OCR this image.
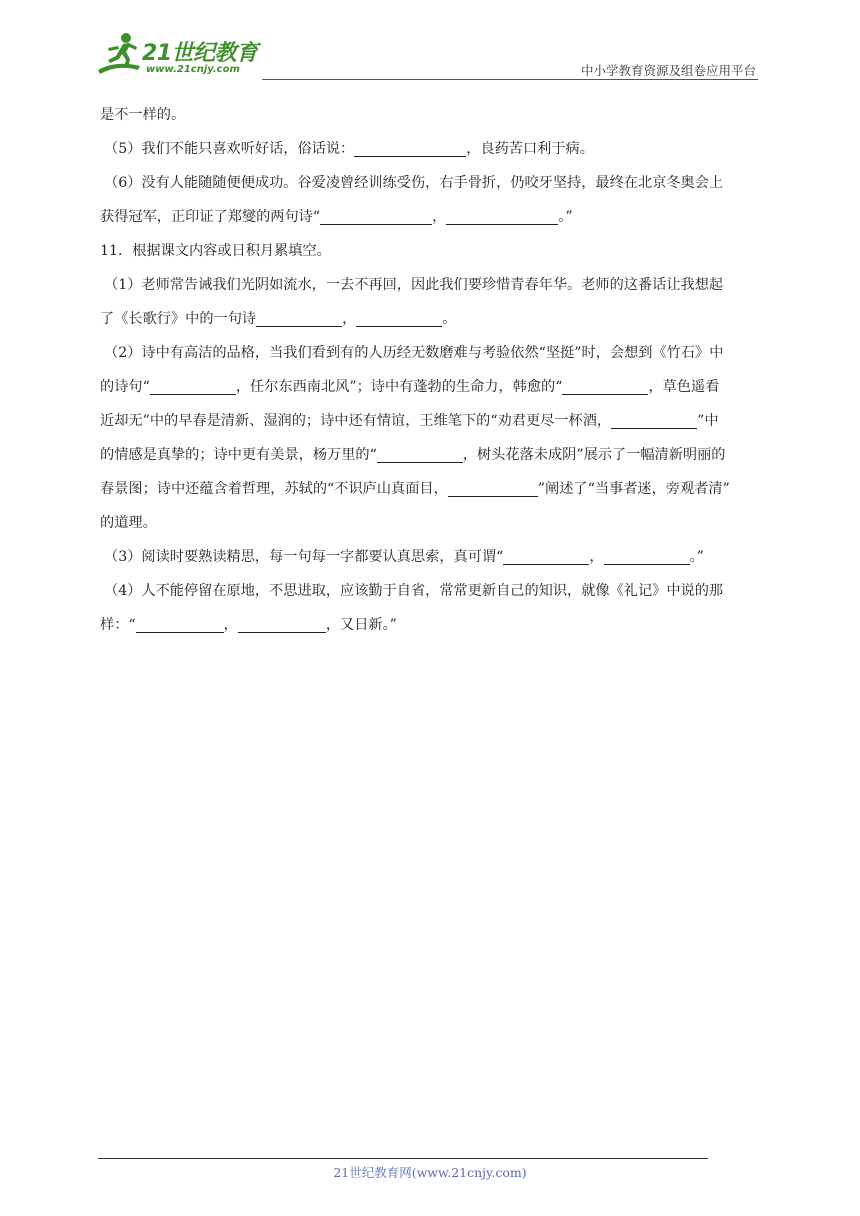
21世纪教育
www.21cnjy.com	中小学教育资源及组卷应用平台
是不一样的。
（5）我们不能只喜欢听好话，俗话说：	，良药苦口利于病。
（6）没有人能随随便便成功。谷爱凌曾经训练受伤，右手骨折，仍咬牙坚持，最终在北京冬奥会上
获得冠军，正印证了郑燮的两句诗“	，	。”
11．根据课文内容或日积月累填空。
（1）老师常告诫我们光阴如流水，一去不再回，因此我们要珍惜青春年华。老师的这番话让我想起
了《长歌行》中的一句诗	，	。
（2）诗中有高洁的品格，当我们看到有的人历经无数磨难与考验依然“坚挺”时，会想到《竹石》中
的诗句“	，任尔东西南北风”；诗中有蓬勃的生命力，韩愈的“	，草色遥看
近却无”中的早春是清新、湿润的；诗中还有情谊，王维笔下的“劝君更尽一杯酒，	”中
的情感是真挚的；诗中更有美景，杨万里的“	，树头花落未成阴”展示了一幅清新明丽的
春景图；诗中还蕴含着哲理，苏轼的“不识庐山真面目，	”阐述了“当事者迷，旁观者清”
的道理。
（3）阅读时要熟读精思，每一句每一字都要认真思索，真可谓“	，	。”
（4）人不能停留在原地，不思进取，应该勤于自省，常常更新自己的知识，就像《礼记》中说的那
样：“	，	，又日新。”
21世纪教育网(www.21cnjy.com)
